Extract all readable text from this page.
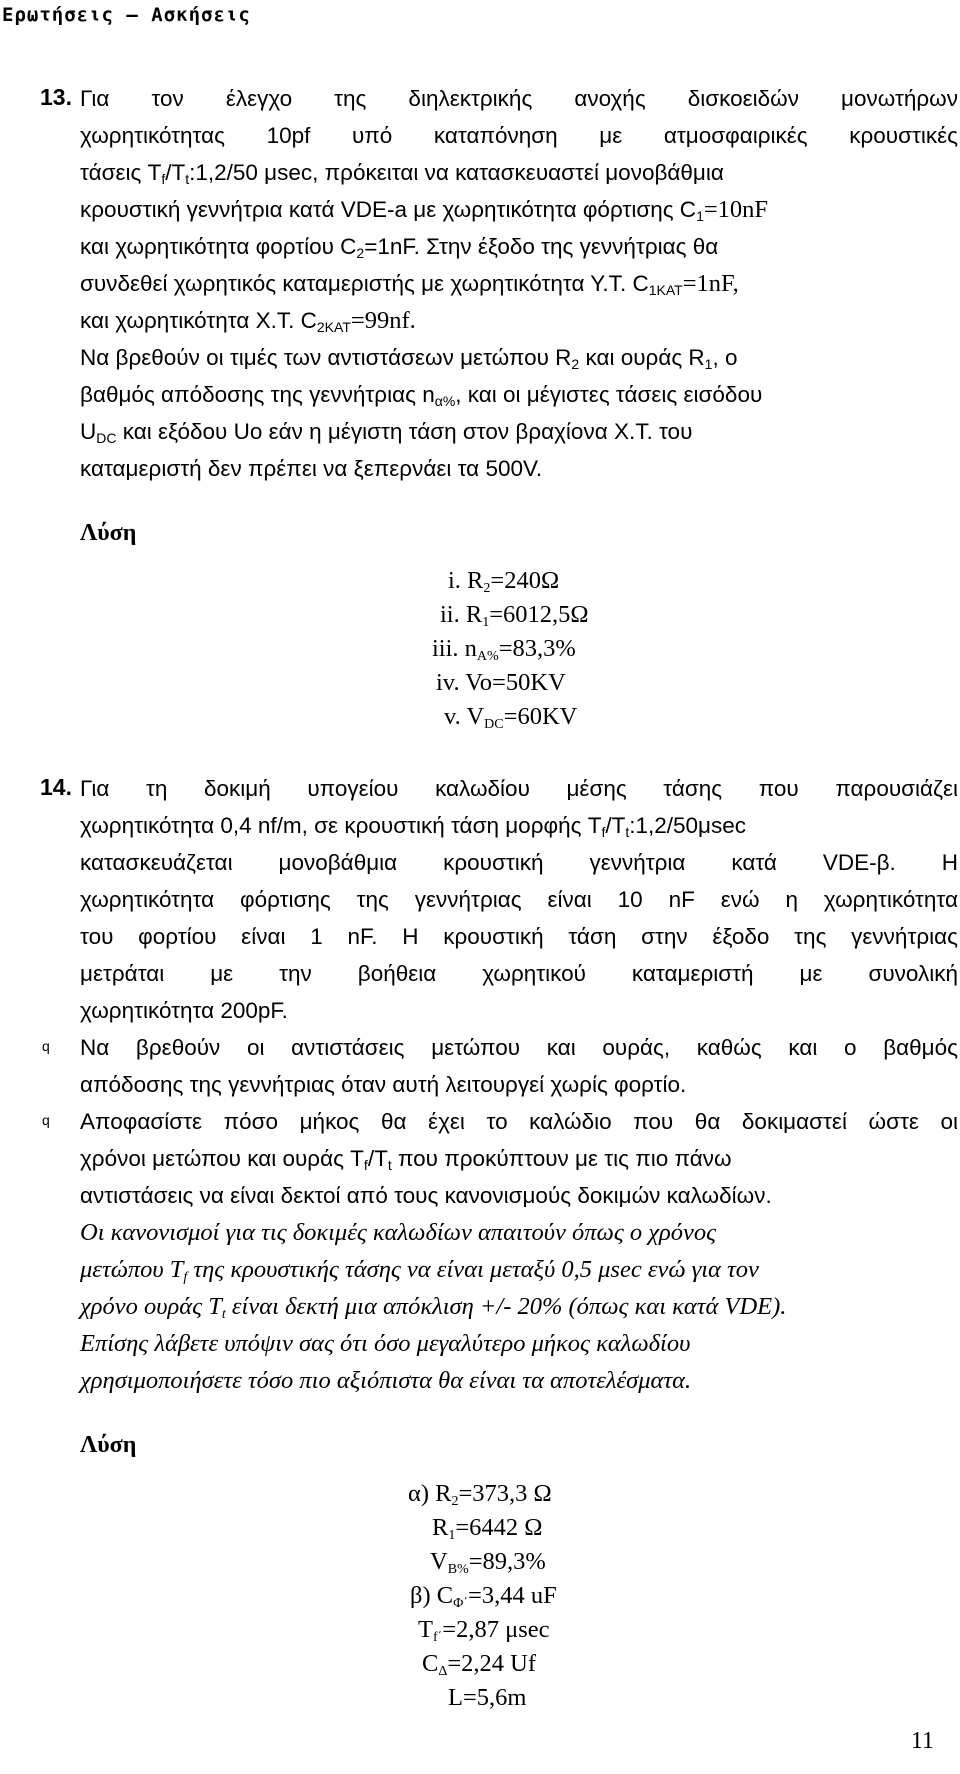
Ερωτήσεις – Ασκήσεις
13. Για τον έλεγχο της διηλεκτρικής ανοχής δισκοειδών μονωτήρων
χωρητικότητας 10pf υπό καταπόνηση με ατμοσφαιρικές κρουστικές
τάσεις $T_f/T_t:1,2/50$ μsec, πρόκειται να κατασκευαστεί μονοβάθμια
κρουστική γεννήτρια κατά VDE-a με χωρητικότητα φόρτισης $C_1=10nF$
και χωρητικότητα φορτίου $C_2=1nF$. Στην έξοδο της γεννήτριας θα
συνδεθεί χωρητικός καταμεριστής με χωρητικότητα Υ.Τ. $C_{1KAT}=1nF$,
και χωρητικότητα Χ.Τ. $C_{2KAT}=99nf$.
Να βρεθούν οι τιμές των αντιστάσεων μετώπου $R_2$ και ουράς $R_1$, ο
βαθμός απόδοσης της γεννήτριας $n_{\alpha\%}$, και οι μέγιστες τάσεις εισόδου
$U_{DC}$ και εξόδου Uo εάν η μέγιστη τάση στον βραχίονα Χ.Τ. του
καταμεριστή δεν πρέπει να ξεπερνάει τα 500V.
Λύση
i. $R_2=240\Omega$
ii. $R_1=6012,5\Omega$
iii. $n_{A\%}=83,3\%$
iv. Vo=50KV
v. $V_{DC}=60KV$
14. Για τη δοκιμή υπογείου καλωδίου μέσης τάσης που παρουσιάζει
χωρητικότητα 0,4 nf/m, σε κρουστική τάση μορφής $T_f/T_t:1,2/50\mu\sec$
κατασκευάζεται μονοβάθμια κρουστική γεννήτρια κατά VDE-β. Η
χωρητικότητα φόρτισης της γεννήτριας είναι 10 nF ενώ η χωρητικότητα
του φορτίου είναι 1 nF. Η κρουστική τάση στην έξοδο της γεννήτριας
μετράται με την βοήθεια χωρητικού καταμεριστή με συνολική
χωρητικότητα 200pF.
q Να βρεθούν οι αντιστάσεις μετώπου και ουράς, καθώς και ο βαθμός
απόδοσης της γεννήτριας όταν αυτή λειτουργεί χωρίς φορτίο.
q Αποφασίστε πόσο μήκος θα έχει το καλώδιο που θα δοκιμαστεί ώστε οι
χρόνοι μετώπου και ουράς $T_f/T_t$ που προκύπτουν με τις πιο πάνω
αντιστάσεις να είναι δεκτοί από τους κανονισμούς δοκιμών καλωδίων.
Οι κανονισμοί για τις δοκιμές καλωδίων απαιτούν όπως ο χρόνος
μετώπου $T_f$ της κρουστικής τάσης να είναι μεταξύ 0,5 μsec ενώ για τον
χρόνο ουράς $T_t$ είναι δεκτή μια απόκλιση +/- 20% (όπως και κατά VDE).
Επίσης λάβετε υπόψιν σας ότι όσο μεγαλύτερο μήκος καλωδίου
χρησιμοποιήσετε τόσο πιο αξιόπιστα θα είναι τα αποτελέσματα.
Λύση
α) $R_2=373,3$ Ω
$R_1=6442$ Ω
$V_{B\%}=89,3\%$
β) $C_{\Phi΄}=3,44$ uF
$T_{f΄}=2,87$ μsec
$C_\Delta=2,24$ Uf
L=5,6m
11
